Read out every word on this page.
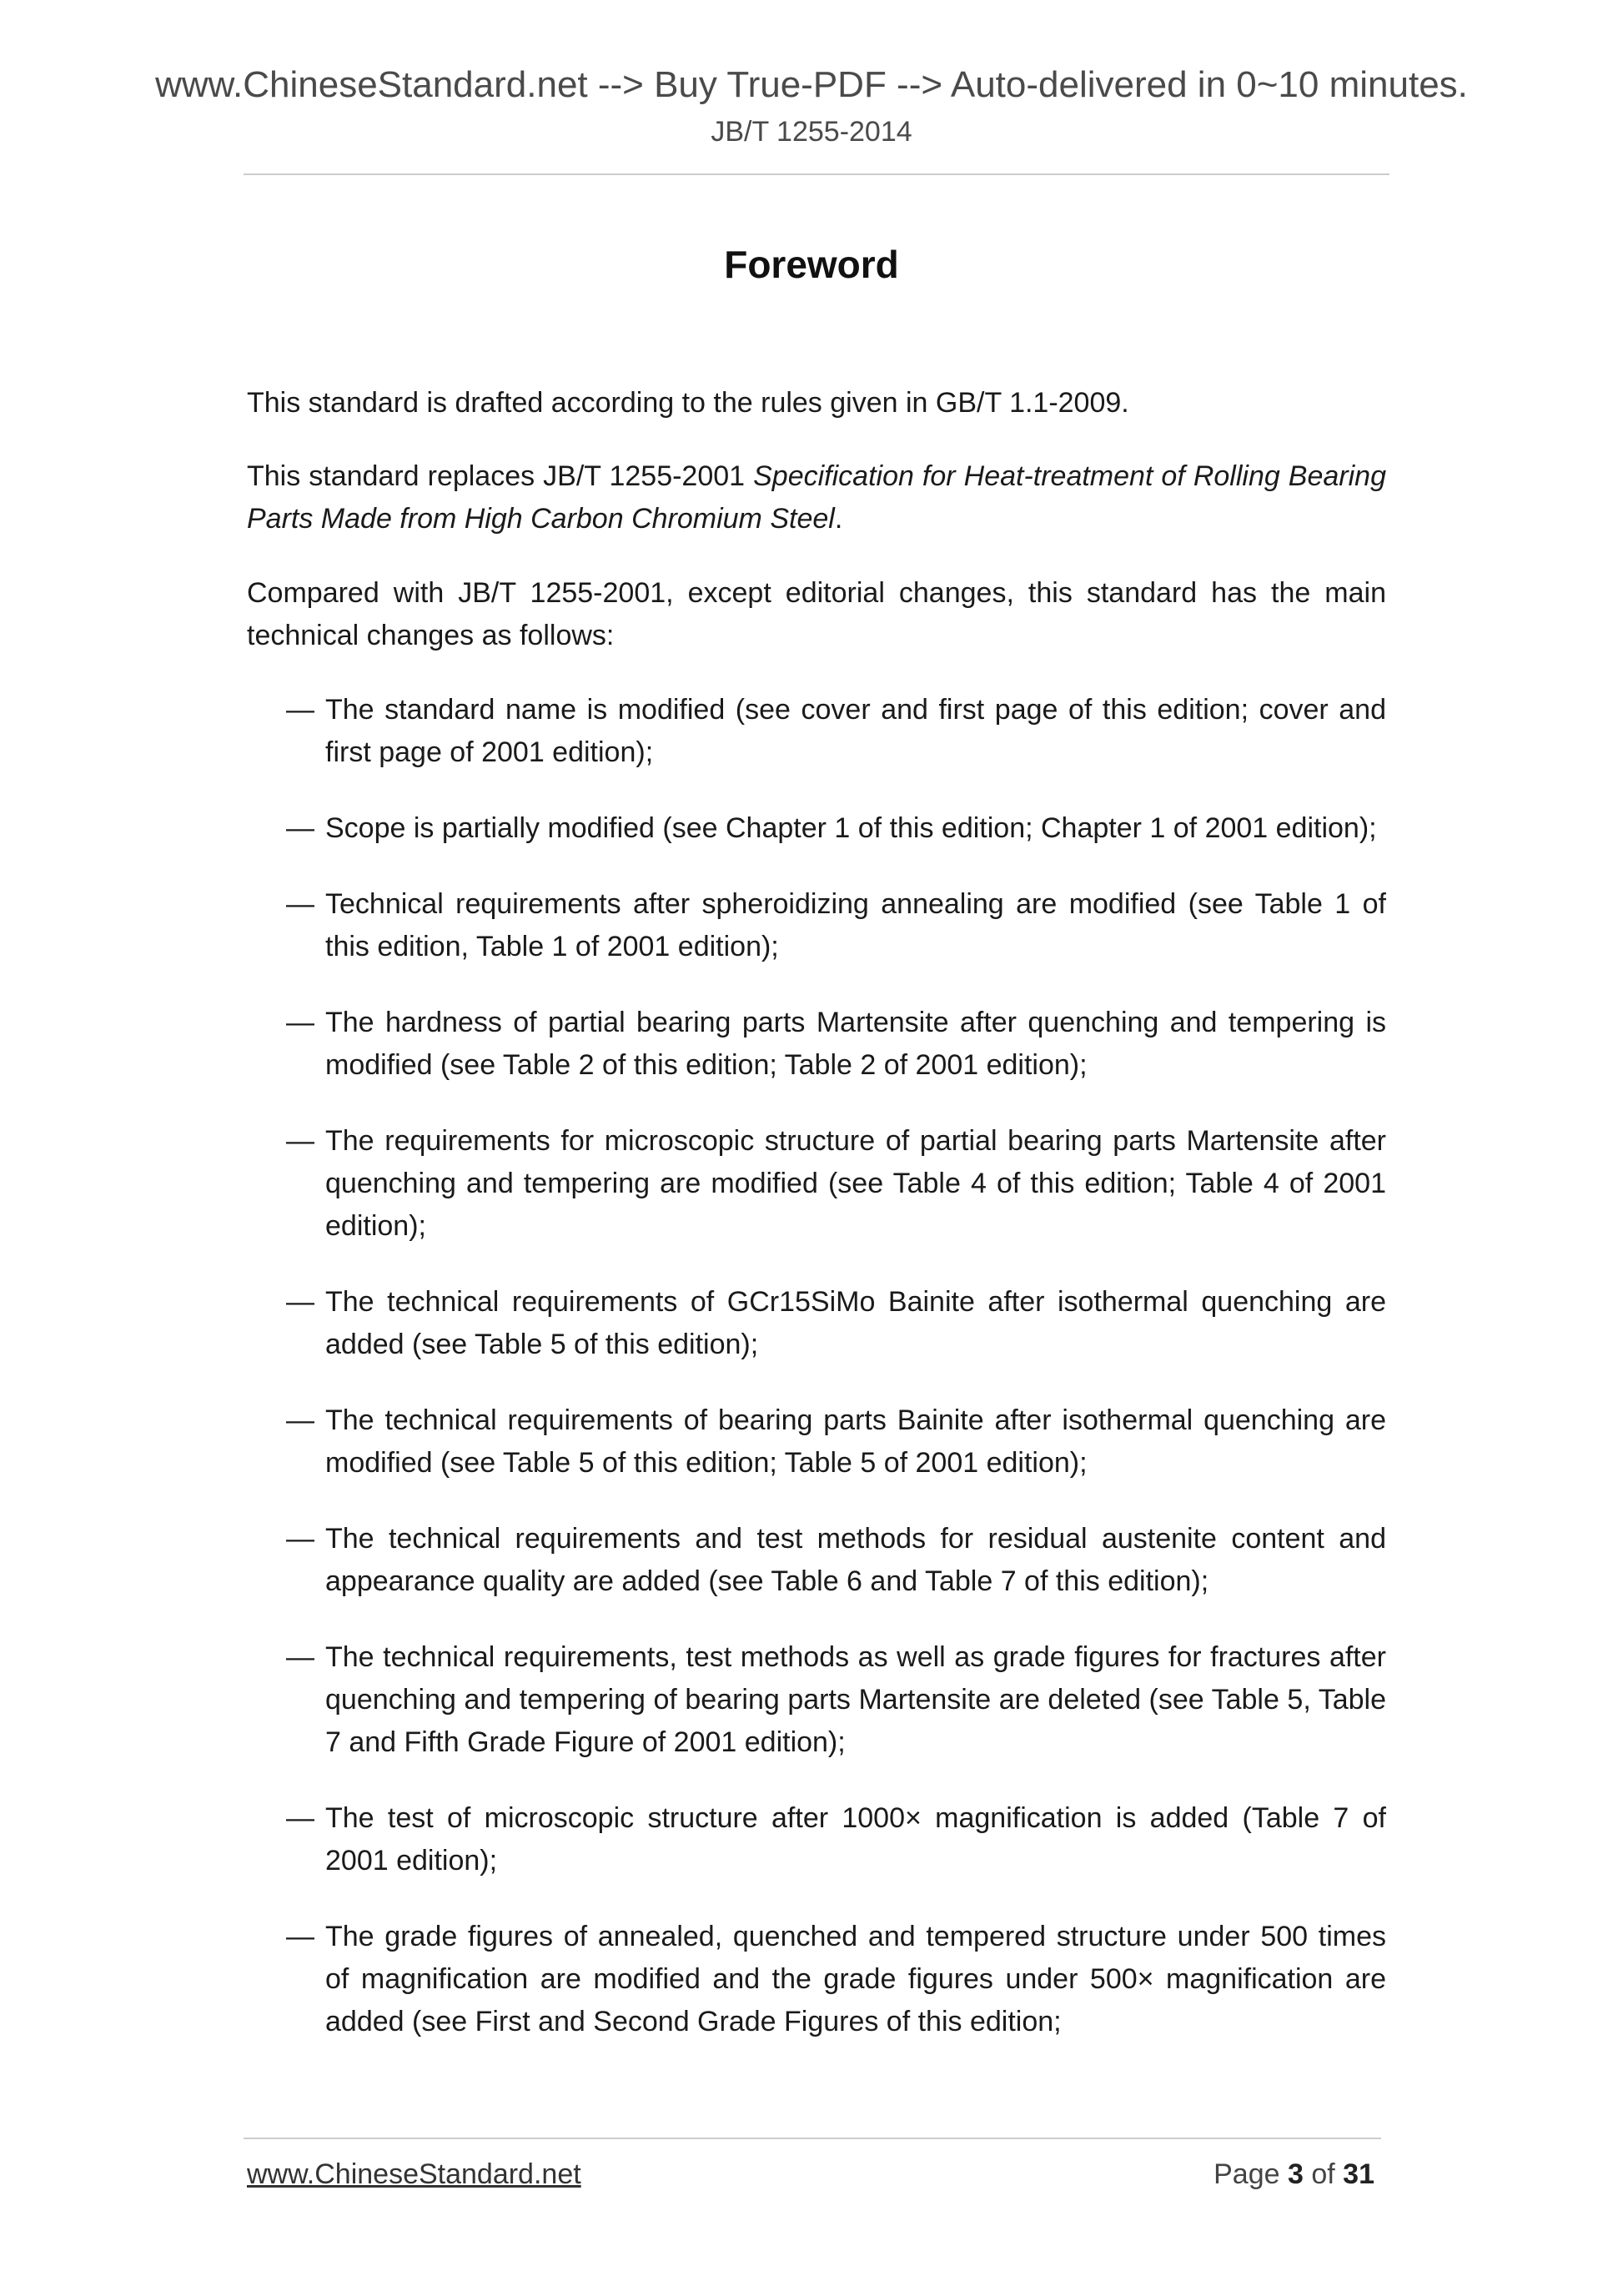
www.ChineseStandard.net --> Buy True-PDF --> Auto-delivered in 0~10 minutes.
JB/T 1255-2014
Foreword

This standard is drafted according to the rules given in GB/T 1.1-2009.

This standard replaces JB/T 1255-2001 Specification for Heat-treatment of Rolling Bearing Parts Made from High Carbon Chromium Steel.

Compared with JB/T 1255-2001, except editorial changes, this standard has the main technical changes as follows:

— The standard name is modified (see cover and first page of this edition; cover and first page of 2001 edition);
— Scope is partially modified (see Chapter 1 of this edition; Chapter 1 of 2001 edition);
— Technical requirements after spheroidizing annealing are modified (see Table 1 of this edition, Table 1 of 2001 edition);
— The hardness of partial bearing parts Martensite after quenching and tempering is modified (see Table 2 of this edition; Table 2 of 2001 edition);
— The requirements for microscopic structure of partial bearing parts Martensite after quenching and tempering are modified (see Table 4 of this edition; Table 4 of 2001 edition);
— The technical requirements of GCr15SiMo Bainite after isothermal quenching are added (see Table 5 of this edition);
— The technical requirements of bearing parts Bainite after isothermal quenching are modified (see Table 5 of this edition; Table 5 of 2001 edition);
— The technical requirements and test methods for residual austenite content and appearance quality are added (see Table 6 and Table 7 of this edition);
— The technical requirements, test methods as well as grade figures for fractures after quenching and tempering of bearing parts Martensite are deleted (see Table 5, Table 7 and Fifth Grade Figure of 2001 edition);
— The test of microscopic structure after 1000× magnification is added (Table 7 of 2001 edition);
— The grade figures of annealed, quenched and tempered structure under 500 times of magnification are modified and the grade figures under 500× magnification are added (see First and Second Grade Figures of this edition;
www.ChineseStandard.net	Page 3 of 31
